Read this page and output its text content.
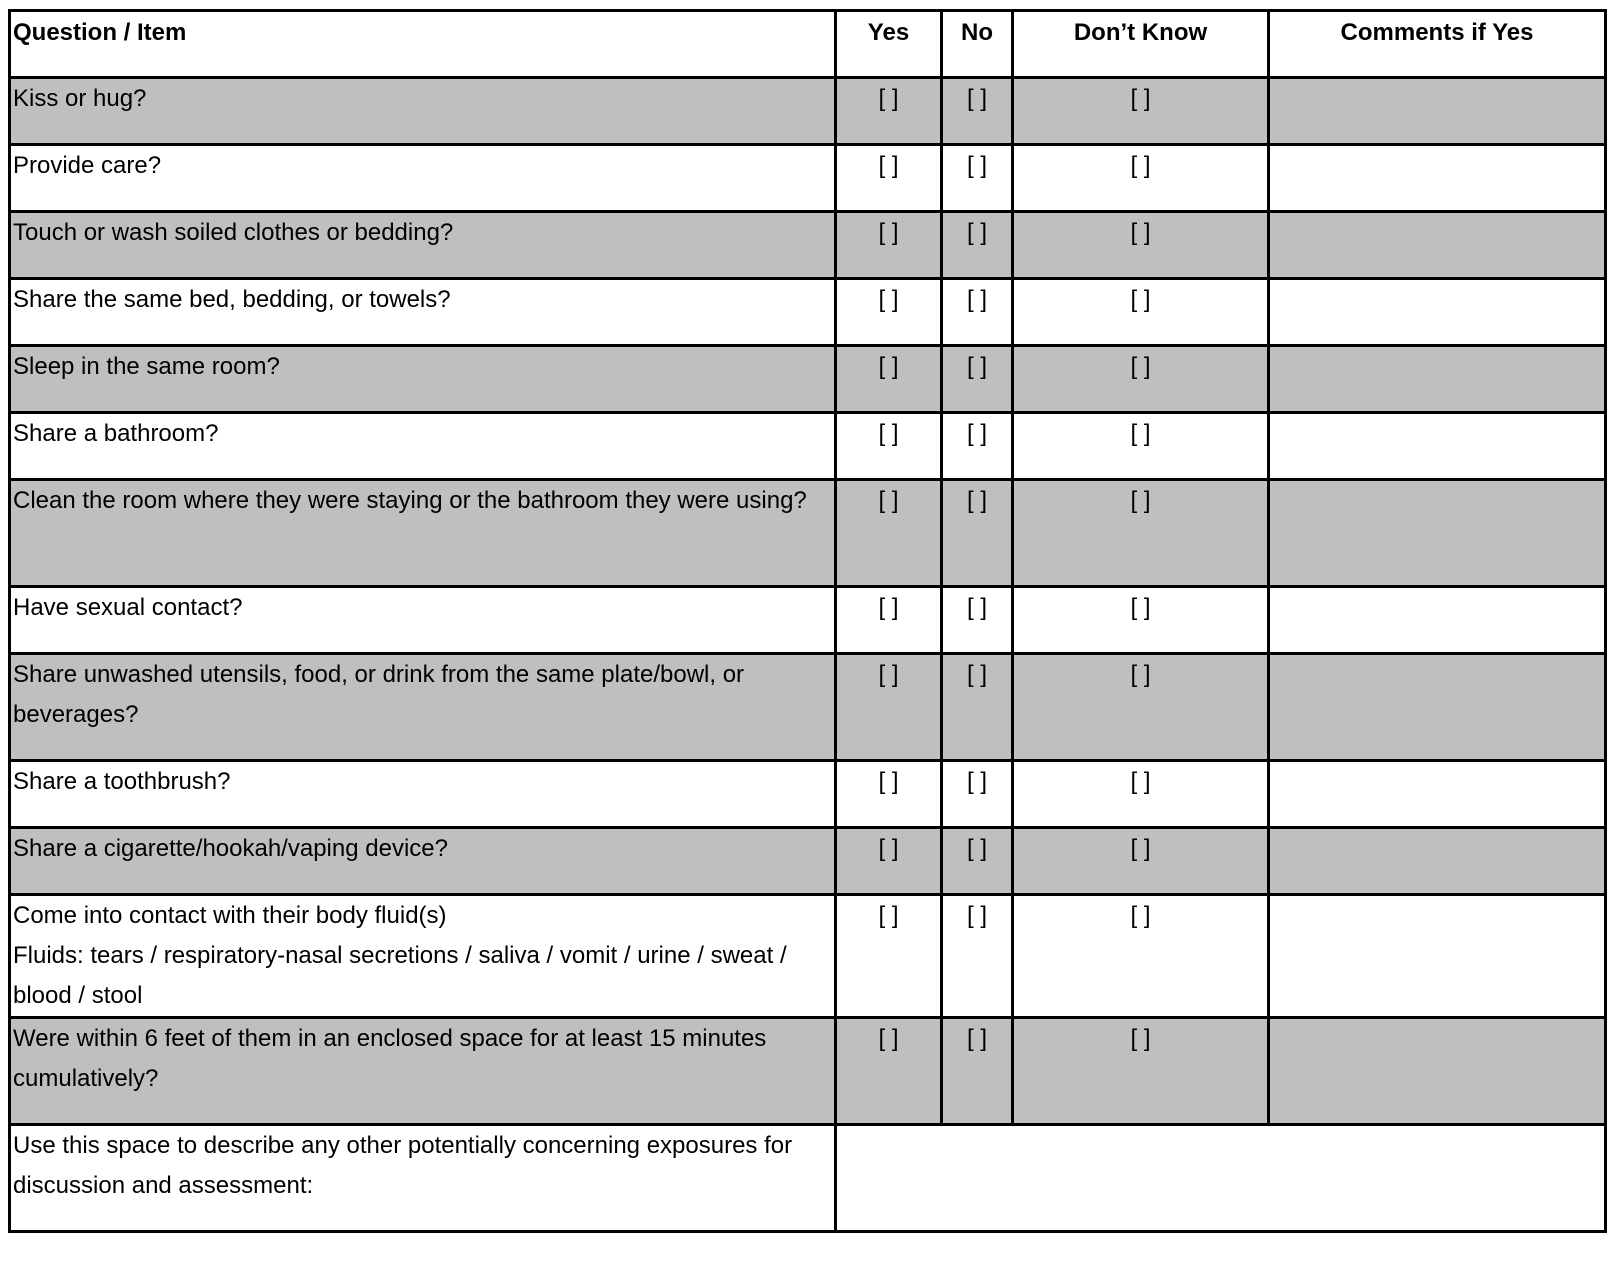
Question / Item	Yes	No	Don’t Know	Comments if Yes

Kiss or hug?	[ ]	[ ]	[ ]	

Provide care?	[ ]	[ ]	[ ]	

Touch or wash soiled clothes or bedding?	[ ]	[ ]	[ ]	

Share the same bed, bedding, or towels?	[ ]	[ ]	[ ]	

Sleep in the same room?	[ ]	[ ]	[ ]	

Share a bathroom?	[ ]	[ ]	[ ]	

Clean the room where they were staying or the bathroom they were using?	[ ]	[ ]	[ ]	

Have sexual contact?	[ ]	[ ]	[ ]	

Share unwashed utensils, food, or drink from the same plate/bowl, or beverages?	[ ]	[ ]	[ ]	

Share a toothbrush?	[ ]	[ ]	[ ]	

Share a cigarette/hookah/vaping device?	[ ]	[ ]	[ ]	

Come into contact with their body fluid(s)
Fluids: tears / respiratory-nasal secretions / saliva / vomit / urine / sweat / blood / stool	[ ]	[ ]	[ ]	

Were within 6 feet of them in an enclosed space for at least 15 minutes cumulatively?	[ ]	[ ]	[ ]	
Use this space to describe any other potentially concerning exposures for discussion and assessment:				
